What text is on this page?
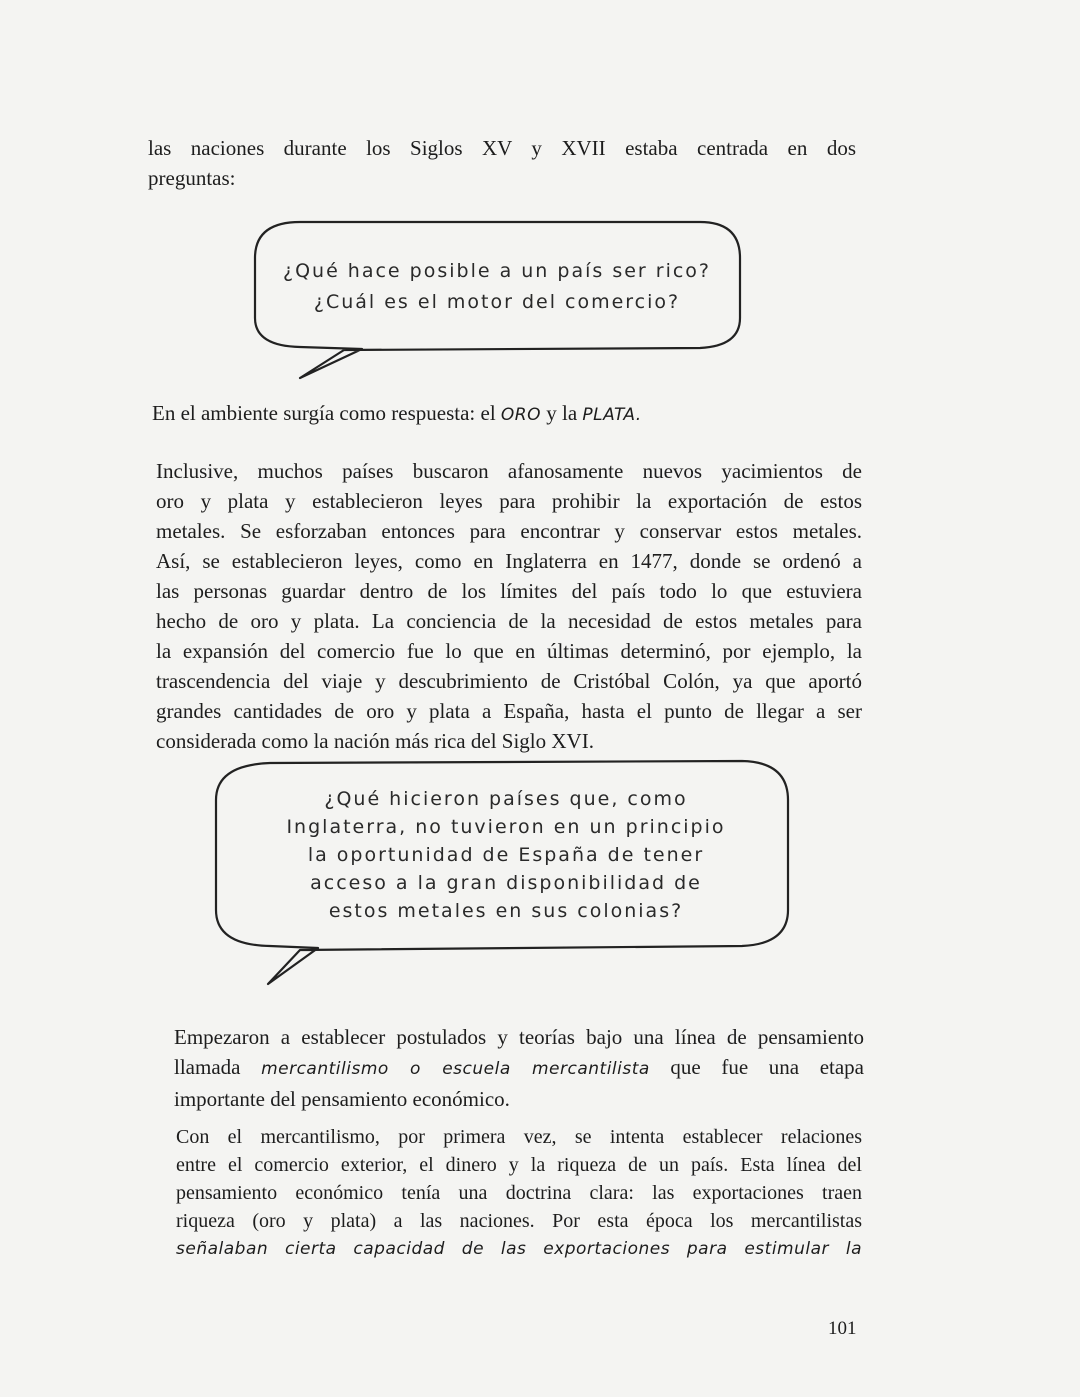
las naciones durante los Siglos XV y XVII estaba centrada en dos
preguntas:
¿Qué hace posible a un país ser rico?
¿Cuál es el motor del comercio?
En el ambiente surgía como respuesta: el ORO y la PLATA.
Inclusive, muchos países buscaron afanosamente nuevos yacimientos de
oro y plata y establecieron leyes para prohibir la exportación de estos
metales. Se esforzaban entonces para encontrar y conservar estos metales.
Así, se establecieron leyes, como en Inglaterra en 1477, donde se ordenó a
las personas guardar dentro de los límites del país todo lo que estuviera
hecho de oro y plata. La conciencia de la necesidad de estos metales para
la expansión del comercio fue lo que en últimas determinó, por ejemplo, la
trascendencia del viaje y descubrimiento de Cristóbal Colón, ya que aportó
grandes cantidades de oro y plata a España, hasta el punto de llegar a ser
considerada como la nación más rica del Siglo XVI.
¿Qué hicieron países que, como
Inglaterra, no tuvieron en un principio
la oportunidad de España de tener
acceso a la gran disponibilidad de
estos metales en sus colonias?
Empezaron a establecer postulados y teorías bajo una línea de pensamiento
llamada mercantilismo o escuela mercantilista que fue una etapa
importante del pensamiento económico.
Con el mercantilismo, por primera vez, se intenta establecer relaciones
entre el comercio exterior, el dinero y la riqueza de un país. Esta línea del
pensamiento económico tenía una doctrina clara: las exportaciones traen
riqueza (oro y plata) a las naciones. Por esta época los mercantilistas
señalaban cierta capacidad de las exportaciones para estimular la
101
